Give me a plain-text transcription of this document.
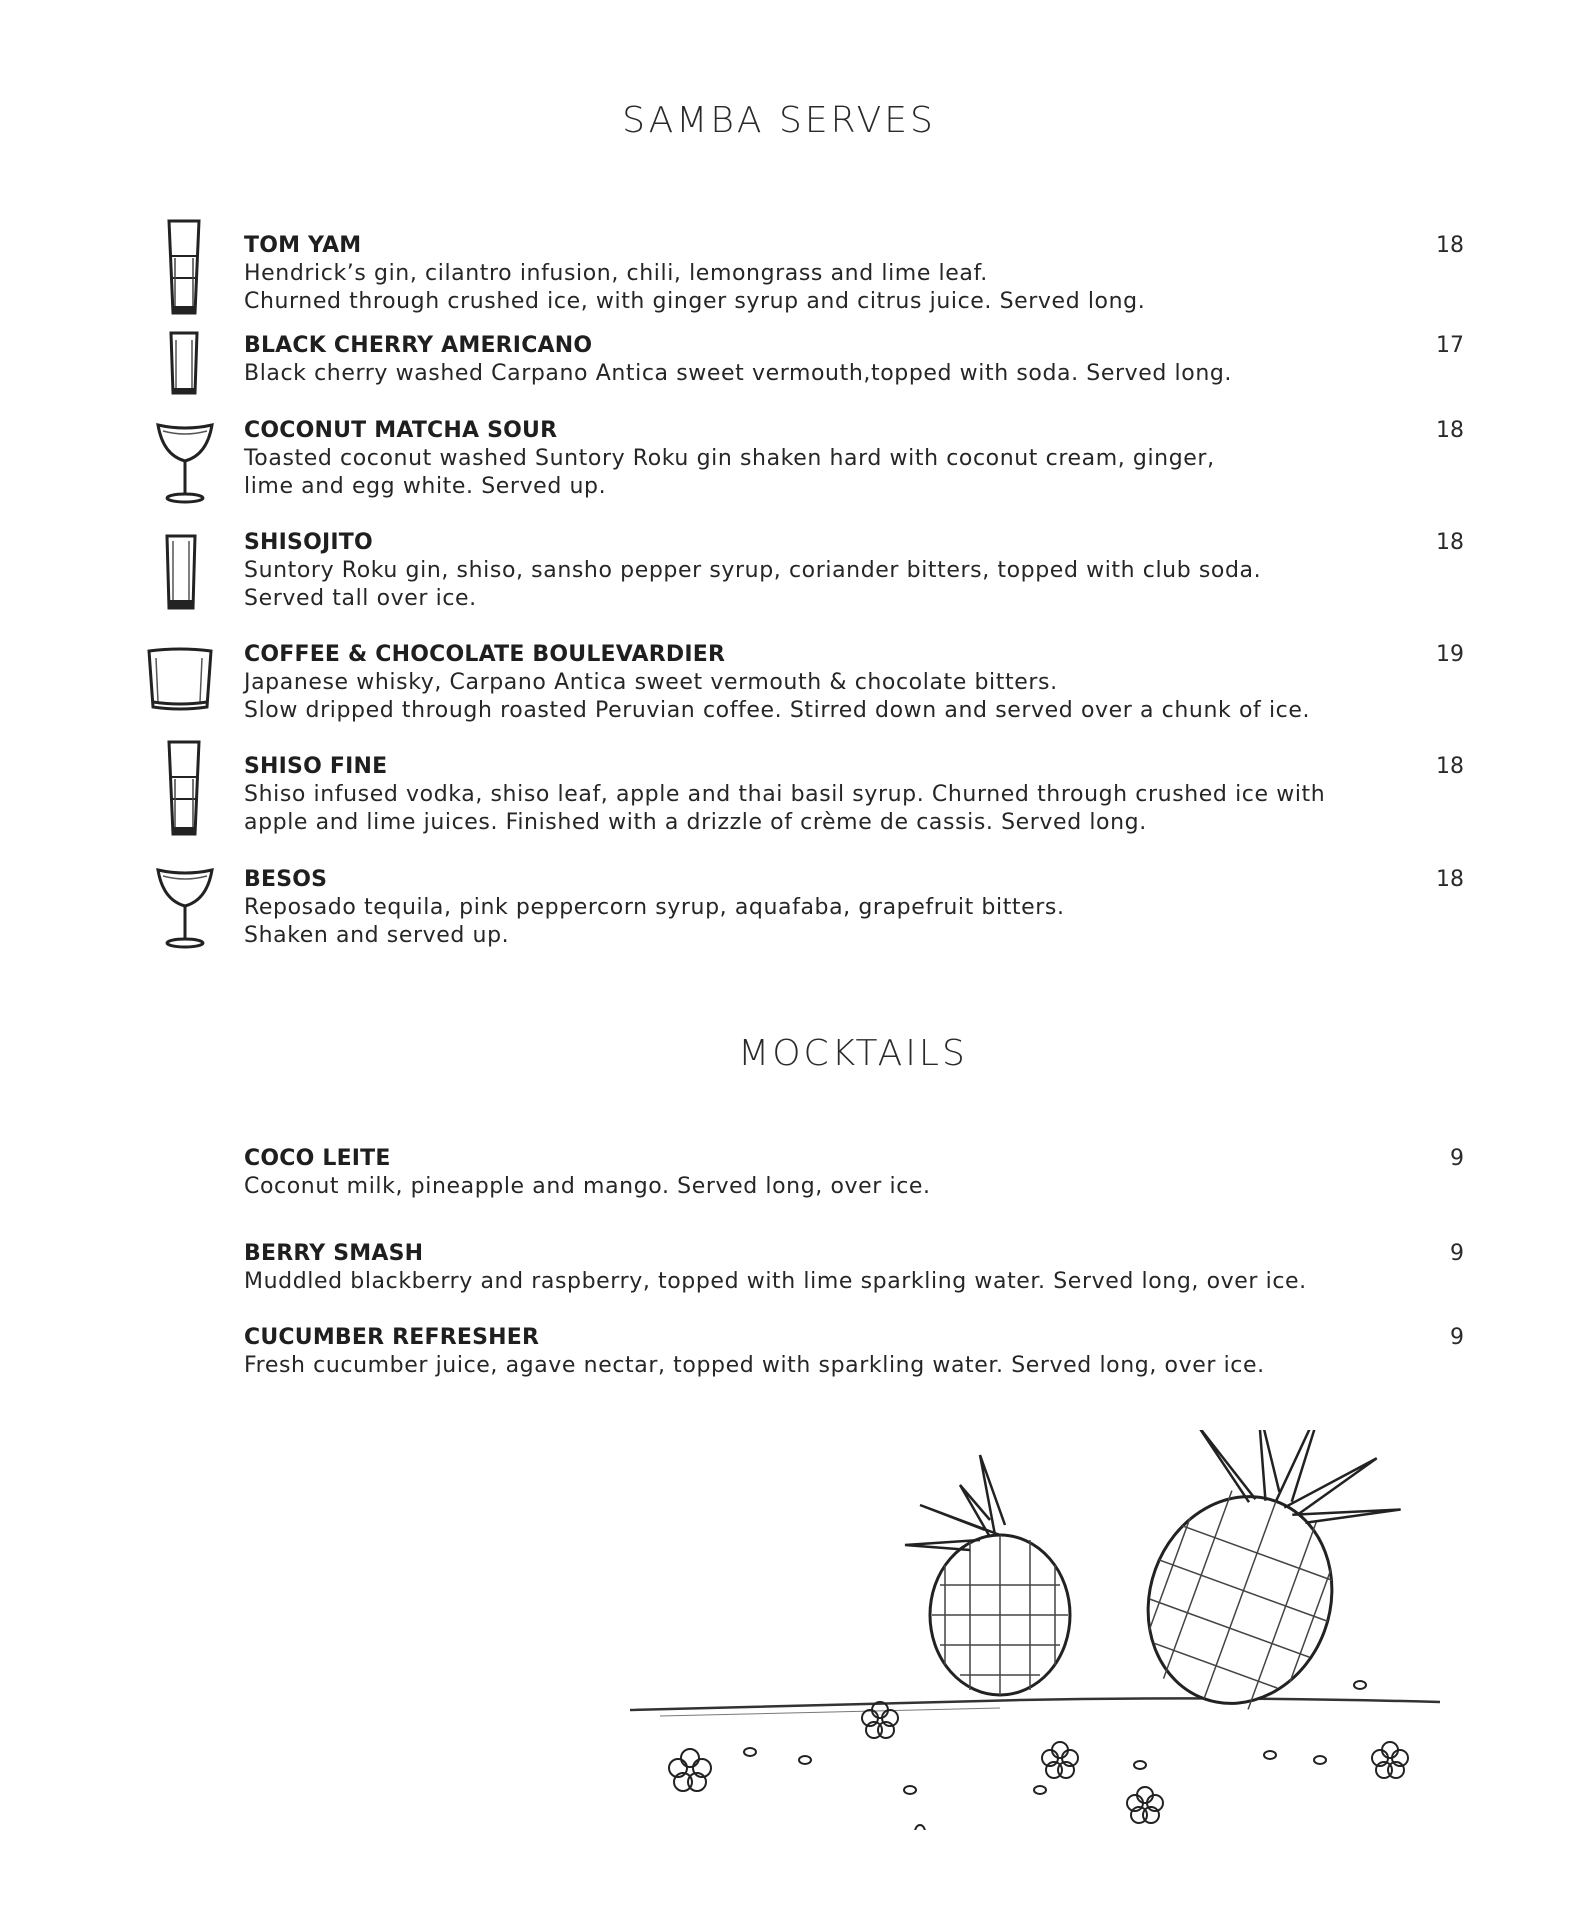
SAMBA SERVES
MOCKTAILS
TOM YAM
Hendrick’s gin, cilantro infusion, chili, lemongrass and lime leaf.
Churned through crushed ice, with ginger syrup and citrus juice. Served long.
18
BLACK CHERRY AMERICANO
Black cherry washed Carpano Antica sweet vermouth,topped with soda. Served long.
17
COCONUT MATCHA SOUR
Toasted coconut washed Suntory Roku gin shaken hard with coconut cream, ginger,
lime and egg white. Served up.
18
SHISOJITO
Suntory Roku gin, shiso, sansho pepper syrup, coriander bitters, topped with club soda.
Served tall over ice.
18
COFFEE & CHOCOLATE BOULEVARDIER
Japanese whisky, Carpano Antica sweet vermouth & chocolate bitters.
Slow dripped through roasted Peruvian coffee. Stirred down and served over a chunk of ice.
19
SHISO FINE
Shiso infused vodka, shiso leaf, apple and thai basil syrup. Churned through crushed ice with
apple and lime juices. Finished with a drizzle of crème de cassis. Served long.
18
BESOS
Reposado tequila, pink peppercorn syrup, aquafaba, grapefruit bitters.
Shaken and served up.
18
COCO LEITE
Coconut milk, pineapple and mango. Served long, over ice.
9
BERRY SMASH
Muddled blackberry and raspberry, topped with lime sparkling water. Served long, over ice.
9
CUCUMBER REFRESHER
Fresh cucumber juice, agave nectar, topped with sparkling water. Served long, over ice.
9
